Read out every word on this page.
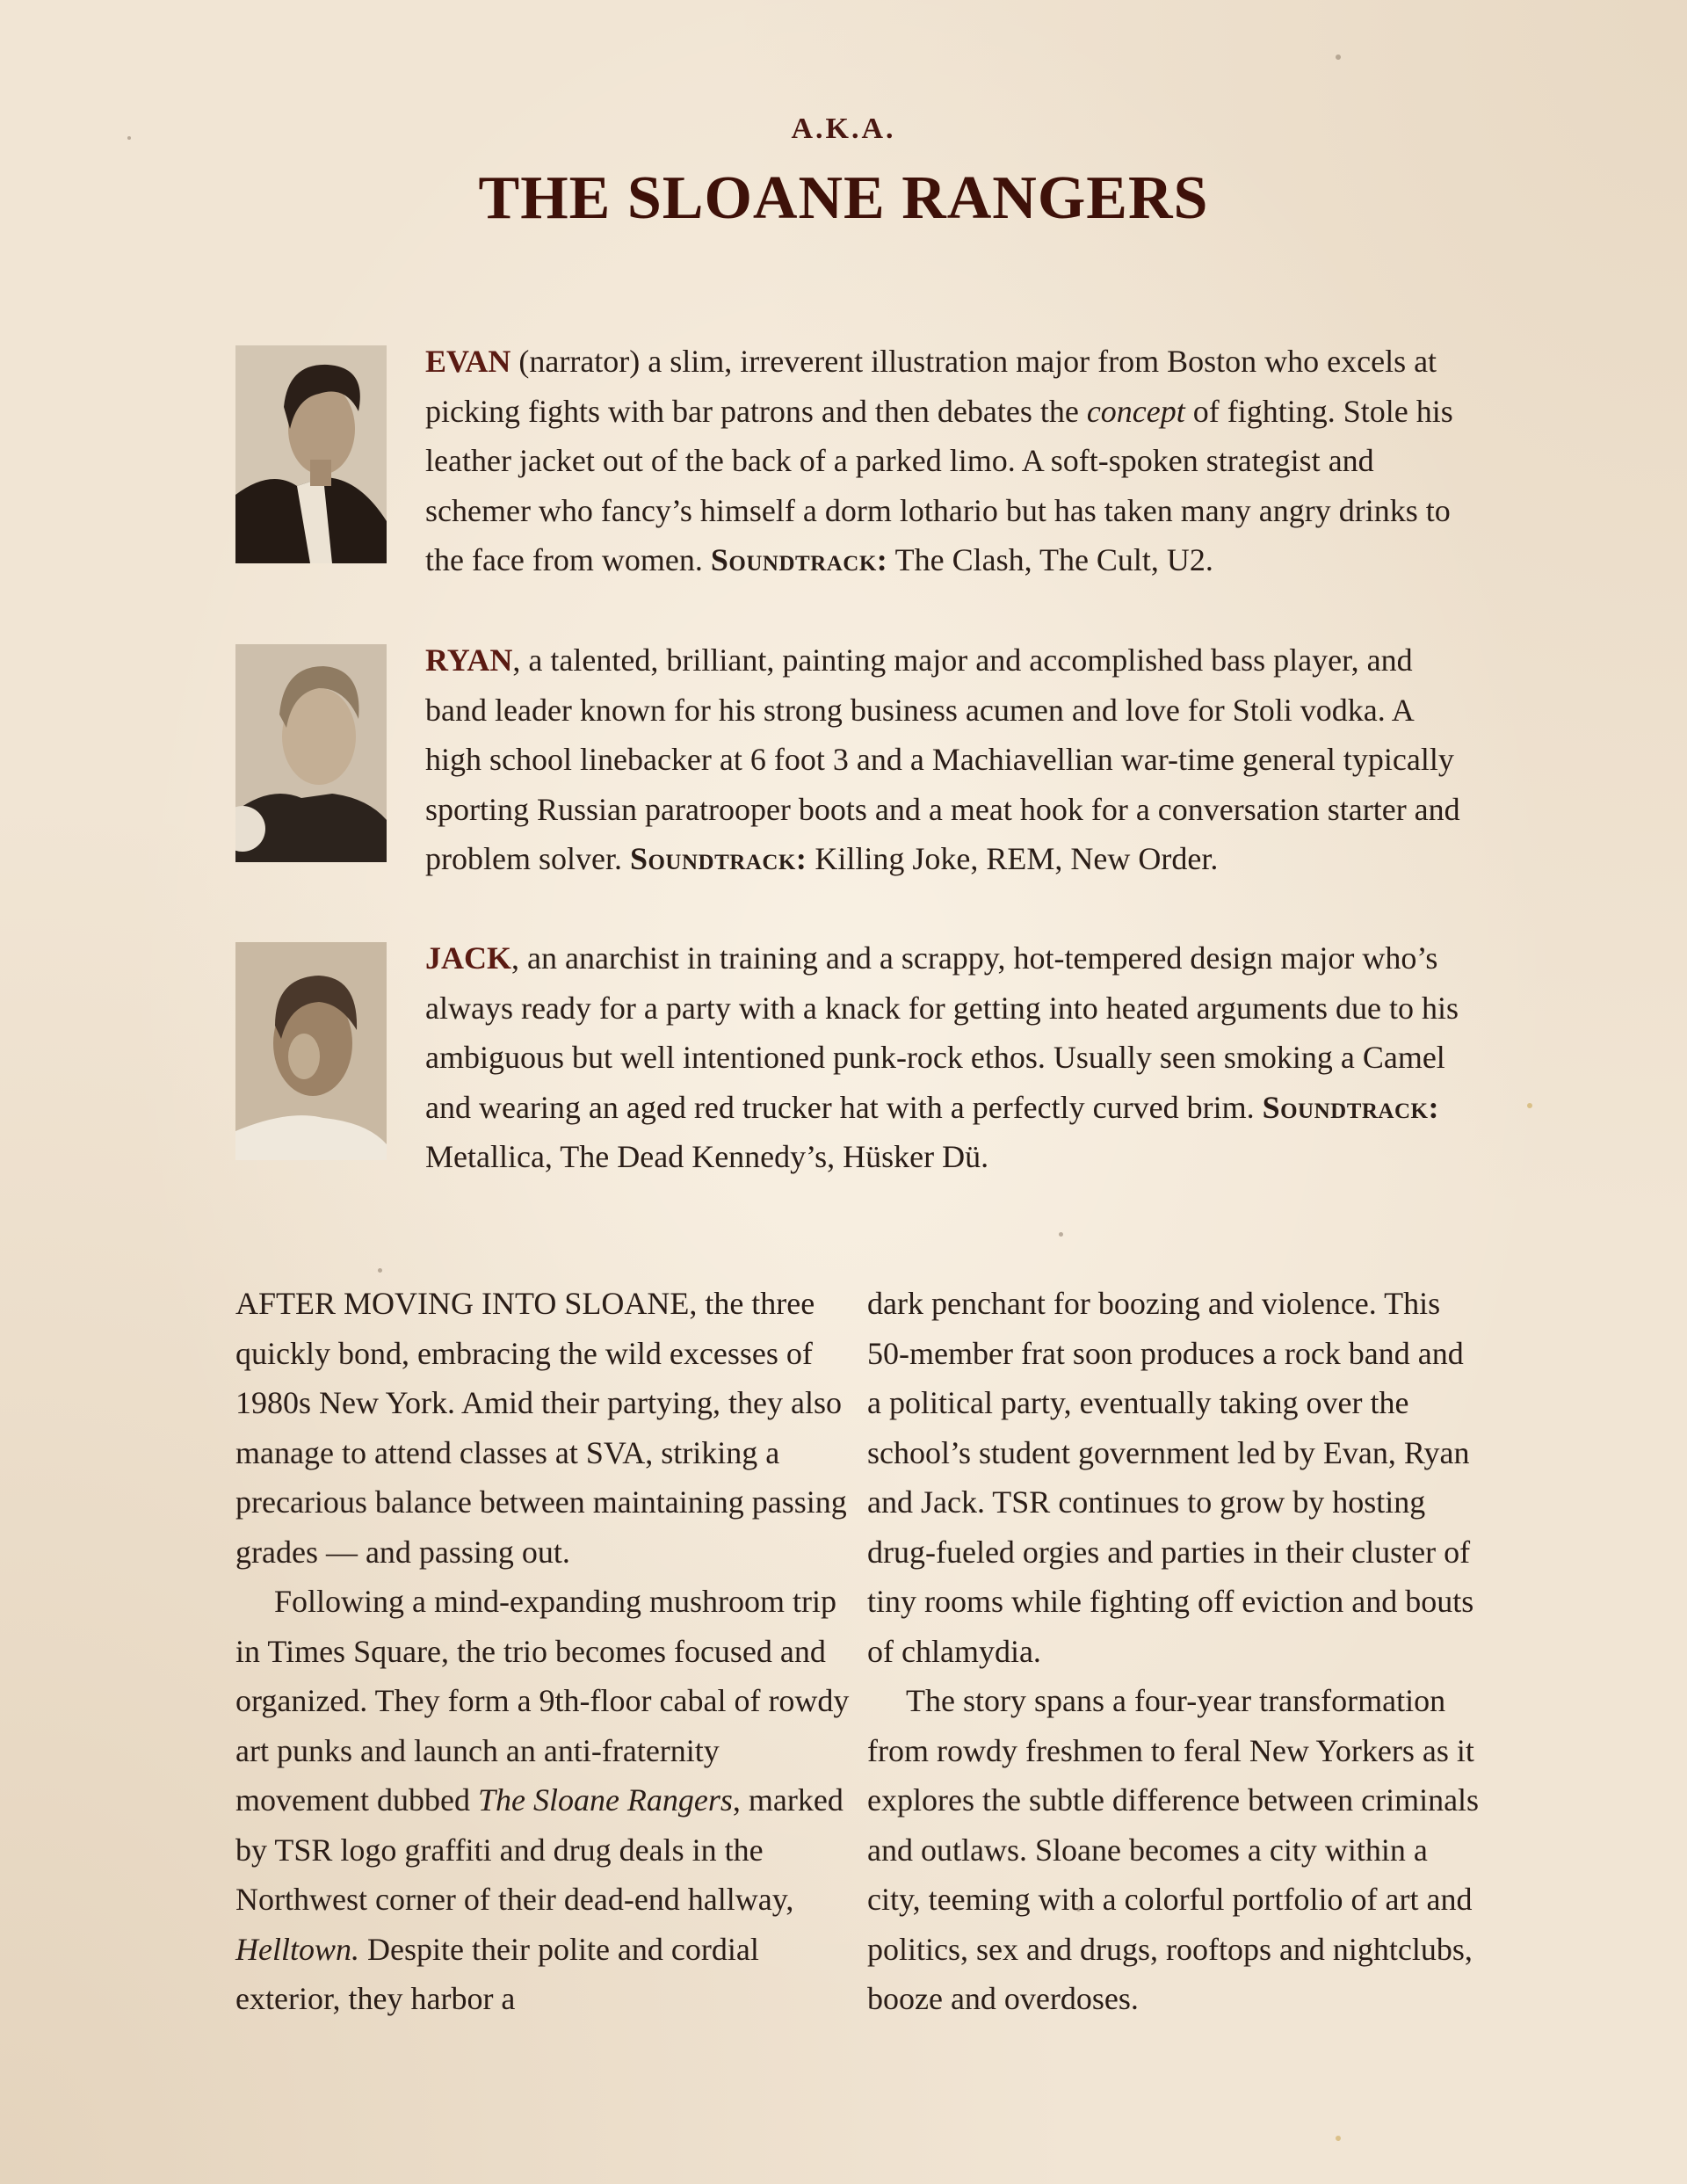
A.K.A.
THE SLOANE RANGERS
EVAN (narrator) a slim, irreverent illustration major from Boston who excels at picking fights with bar patrons and then debates the concept of fighting. Stole his leather jacket out of the back of a parked limo. A soft-spoken strategist and schemer who fancy’s himself a dorm lothario but has taken many angry drinks to the face from women. Soundtrack: The Clash, The Cult, U2.
RYAN, a talented, brilliant, painting major and accomplished bass player, and band leader known for his strong business acumen and love for Stoli vodka. A high school linebacker at 6 foot 3 and a Machiavellian war-time general typically sporting Russian paratrooper boots and a meat hook for a conversation starter and problem solver. Soundtrack: Killing Joke, REM, New Order.
JACK, an anarchist in training and a scrappy, hot-tempered design major who’s always ready for a party with a knack for getting into heated arguments due to his ambiguous but well intentioned punk-rock ethos. Usually seen smoking a Camel and wearing an aged red trucker hat with a perfectly curved brim. Soundtrack: Metallica, The Dead Kennedy’s, Hüsker Dü.

AFTER MOVING INTO SLOANE, the three quickly bond, embracing the wild excesses of 1980s New York. Amid their partying, they also manage to attend classes at SVA, striking a precarious balance between maintaining passing grades — and passing out.

Following a mind-expanding mushroom trip in Times Square, the trio becomes focused and organized. They form a 9th-floor cabal of rowdy art punks and launch an anti-fraternity movement dubbed The Sloane Rangers, marked by TSR logo graffiti and drug deals in the Northwest corner of their dead-end hallway, Helltown. Despite their polite and cordial exterior, they harbor a

dark penchant for boozing and violence. This 50-member frat soon produces a rock band and a political party, eventually taking over the school’s student government led by Evan, Ryan and Jack. TSR continues to grow by hosting drug-fueled orgies and parties in their cluster of tiny rooms while fighting off eviction and bouts of chlamydia.

The story spans a four-year transformation from rowdy freshmen to feral New Yorkers as it explores the subtle difference between criminals and outlaws. Sloane becomes a city within a city, teeming with a colorful portfolio of art and politics, sex and drugs, rooftops and nightclubs, booze and overdoses.
